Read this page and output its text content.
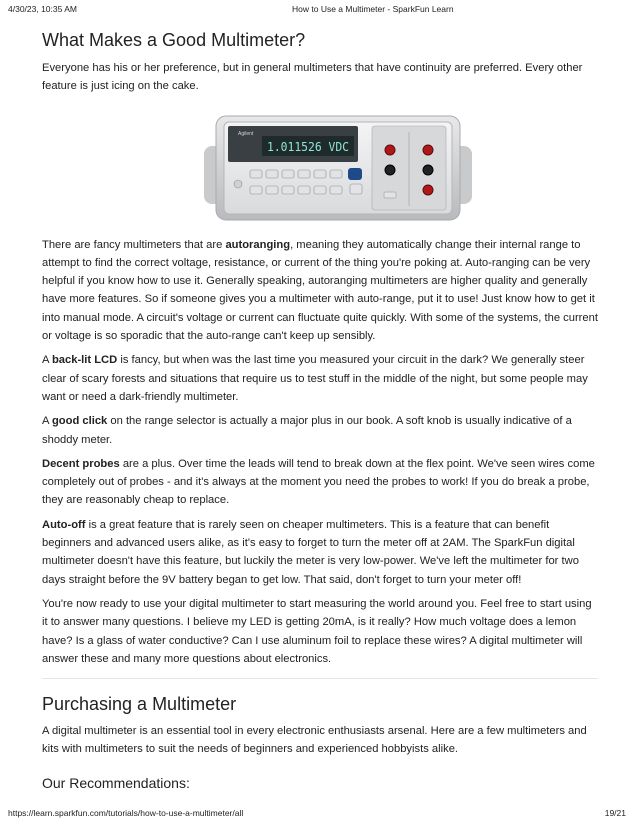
4/30/23, 10:35 AM	How to Use a Multimeter - SparkFun Learn
What Makes a Good Multimeter?

Everyone has his or her preference, but in general multimeters that have continuity are preferred. Every other feature is just icing on the cake.

Agilent
1.011526 VDC

There are fancy multimeters that are autoranging, meaning they automatically change their internal range to attempt to find the correct voltage, resistance, or current of the thing you're poking at. Auto-ranging can be very helpful if you know how to use it. Generally speaking, autoranging multimeters are higher quality and generally have more features. So if someone gives you a multimeter with auto-range, put it to use! Just know how to get it into manual mode. A circuit's voltage or current can fluctuate quite quickly. With some of the systems, the current or voltage is so sporadic that the auto-range can't keep up sensibly.

A back-lit LCD is fancy, but when was the last time you measured your circuit in the dark? We generally steer clear of scary forests and situations that require us to test stuff in the middle of the night, but some people may want or need a dark-friendly multimeter.

A good click on the range selector is actually a major plus in our book. A soft knob is usually indicative of a shoddy meter.

Decent probes are a plus. Over time the leads will tend to break down at the flex point. We've seen wires come completely out of probes - and it's always at the moment you need the probes to work! If you do break a probe, they are reasonably cheap to replace.

Auto-off is a great feature that is rarely seen on cheaper multimeters. This is a feature that can benefit beginners and advanced users alike, as it's easy to forget to turn the meter off at 2AM. The SparkFun digital multimeter doesn't have this feature, but luckily the meter is very low-power. We've left the multimeter for two days straight before the 9V battery began to get low. That said, don't forget to turn your meter off!

You're now ready to use your digital multimeter to start measuring the world around you. Feel free to start using it to answer many questions. I believe my LED is getting 20mA, is it really? How much voltage does a lemon have? Is a glass of water conductive? Can I use aluminum foil to replace these wires? A digital multimeter will answer these and many more questions about electronics.

Purchasing a Multimeter

A digital multimeter is an essential tool in every electronic enthusiasts arsenal. Here are a few multimeters and kits with multimeters to suit the needs of beginners and experienced hobbyists alike.

Our Recommendations:
https://learn.sparkfun.com/tutorials/how-to-use-a-multimeter/all	19/21
